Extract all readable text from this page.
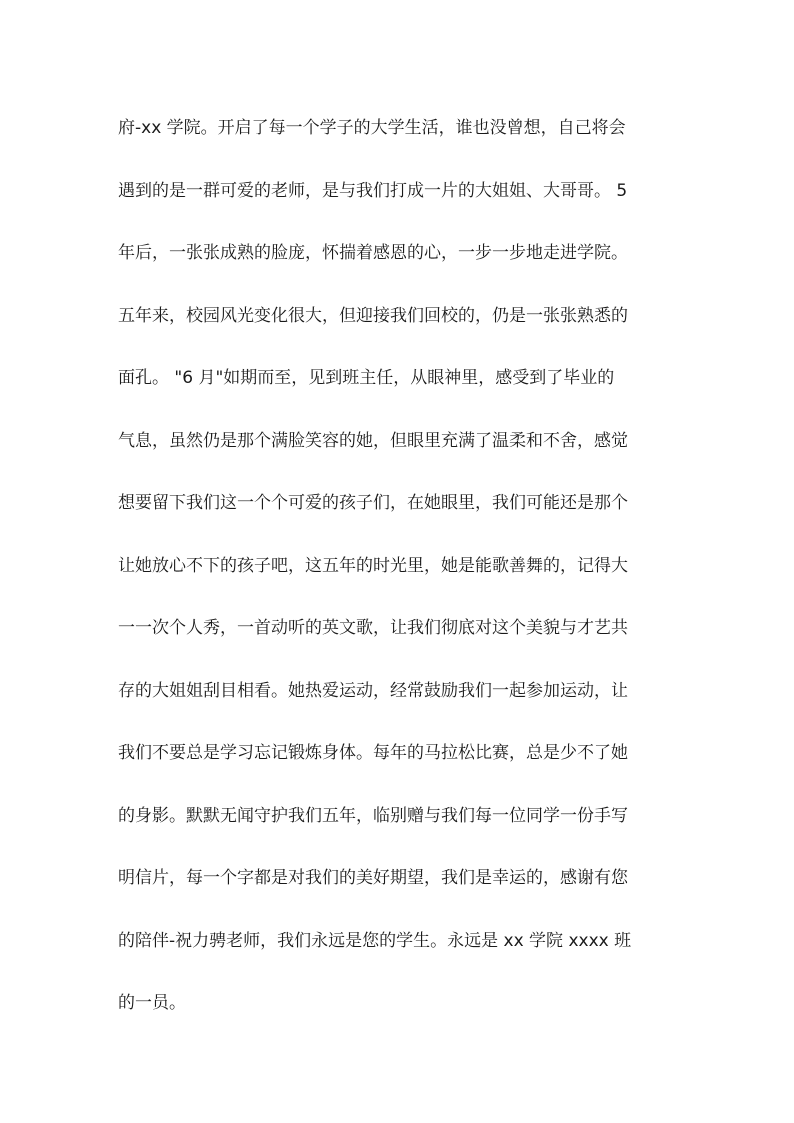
府-xx 学院。开启了每一个学子的大学生活，谁也没曾想，自己将会
遇到的是一群可爱的老师，是与我们打成一片的大姐姐、大哥哥。 5
年后，一张张成熟的脸庞，怀揣着感恩的心，一步一步地走进学院。
五年来，校园风光变化很大，但迎接我们回校的，仍是一张张熟悉的
面孔。 "6 月"如期而至，见到班主任，从眼神里，感受到了毕业的
气息，虽然仍是那个满脸笑容的她，但眼里充满了温柔和不舍，感觉
想要留下我们这一个个可爱的孩子们，在她眼里，我们可能还是那个
让她放心不下的孩子吧，这五年的时光里，她是能歌善舞的，记得大
一一次个人秀，一首动听的英文歌，让我们彻底对这个美貌与才艺共
存的大姐姐刮目相看。她热爱运动，经常鼓励我们一起参加运动，让
我们不要总是学习忘记锻炼身体。每年的马拉松比赛，总是少不了她
的身影。默默无闻守护我们五年，临别赠与我们每一位同学一份手写
明信片，每一个字都是对我们的美好期望，我们是幸运的，感谢有您
的陪伴-祝力骋老师，我们永远是您的学生。永远是 xx 学院 xxxx 班
的一员。
